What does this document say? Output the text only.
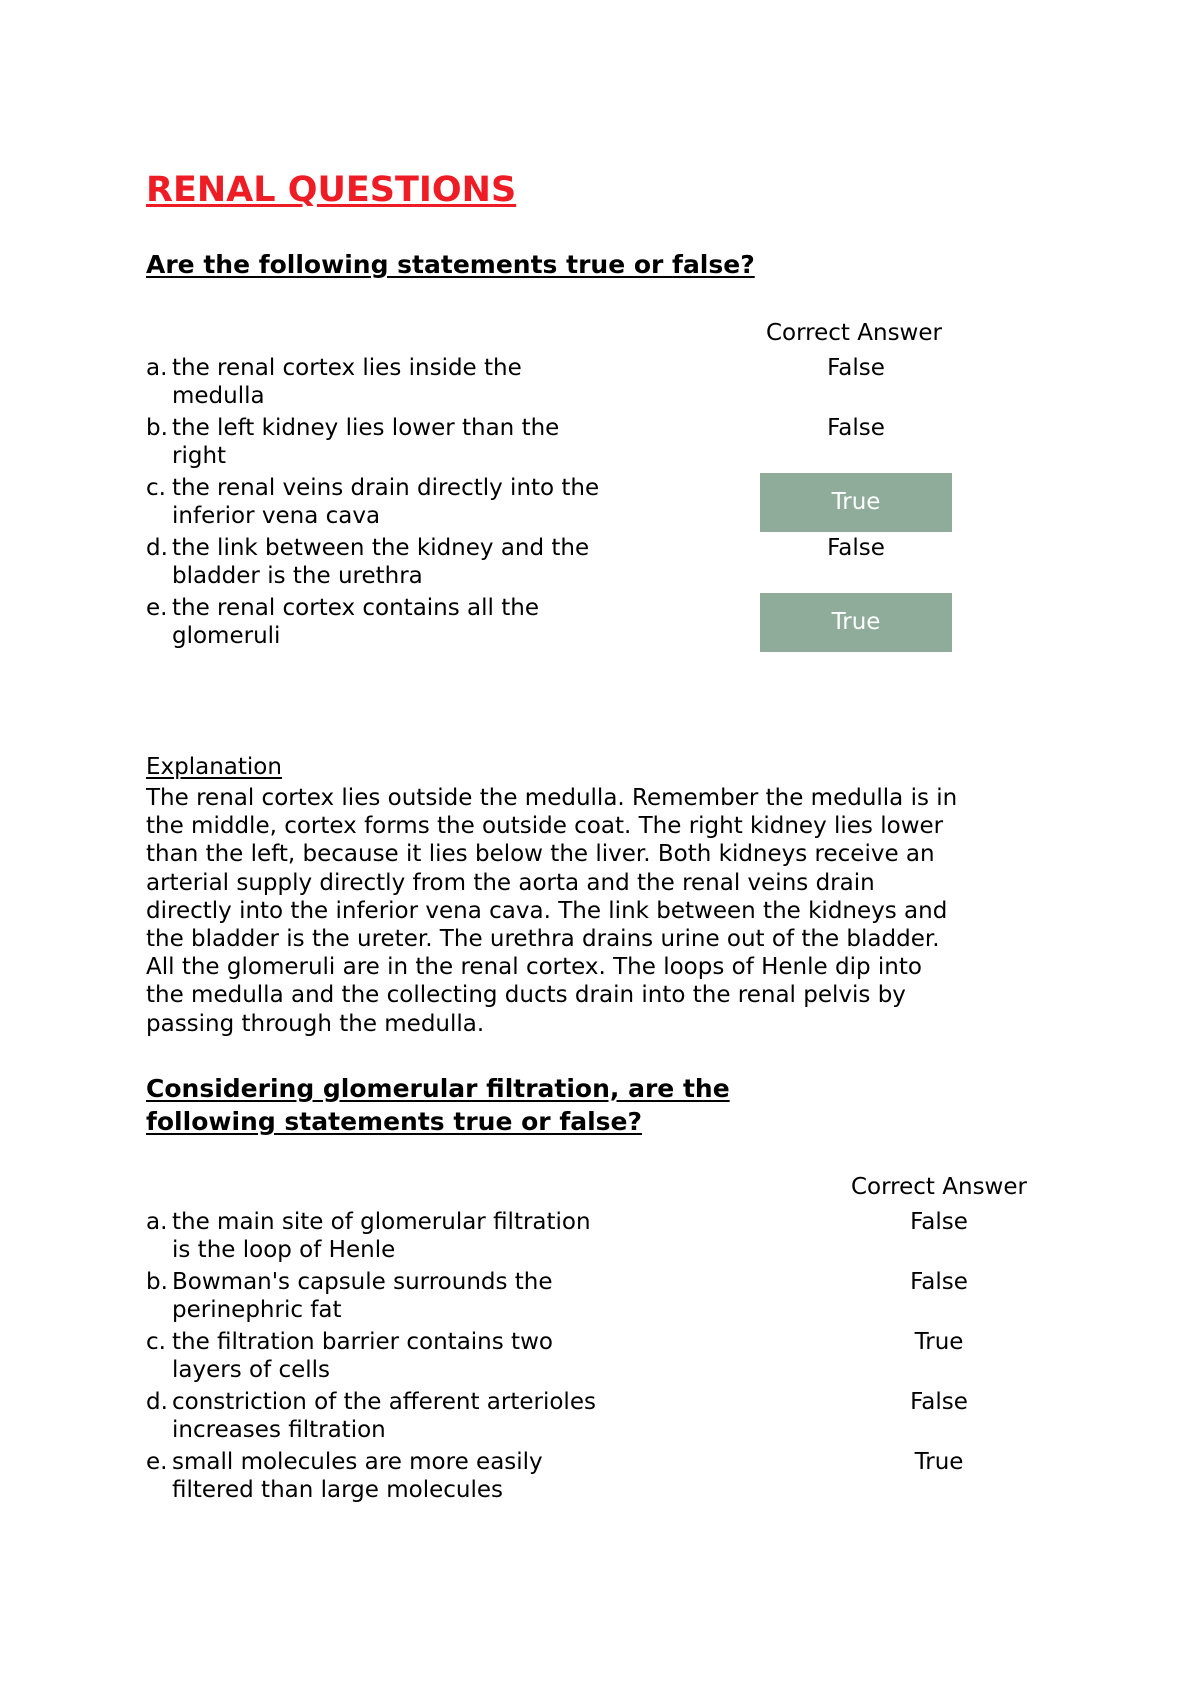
RENAL QUESTIONS
Are the following statements true or false?
Correct Answer
a. the renal cortex lies inside the medulla
False
b. the left kidney lies lower than the right
False
c. the renal veins drain directly into the inferior vena cava
True
d. the link between the kidney and the bladder is the urethra
False
e. the renal cortex contains all the glomeruli
True
Explanation
The renal cortex lies outside the medulla. Remember the medulla is in the middle, cortex forms the outside coat. The right kidney lies lower than the left, because it lies below the liver. Both kidneys receive an arterial supply directly from the aorta and the renal veins drain directly into the inferior vena cava. The link between the kidneys and the bladder is the ureter. The urethra drains urine out of the bladder. All the glomeruli are in the renal cortex. The loops of Henle dip into the medulla and the collecting ducts drain into the renal pelvis by passing through the medulla.
Considering glomerular filtration, are the following statements true or false?
Correct Answer
a. the main site of glomerular filtration is the loop of Henle
False
b. Bowman's capsule surrounds the perinephric fat
False
c. the filtration barrier contains two layers of cells
True
d. constriction of the afferent arterioles increases filtration
False
e. small molecules are more easily filtered than large molecules
True
